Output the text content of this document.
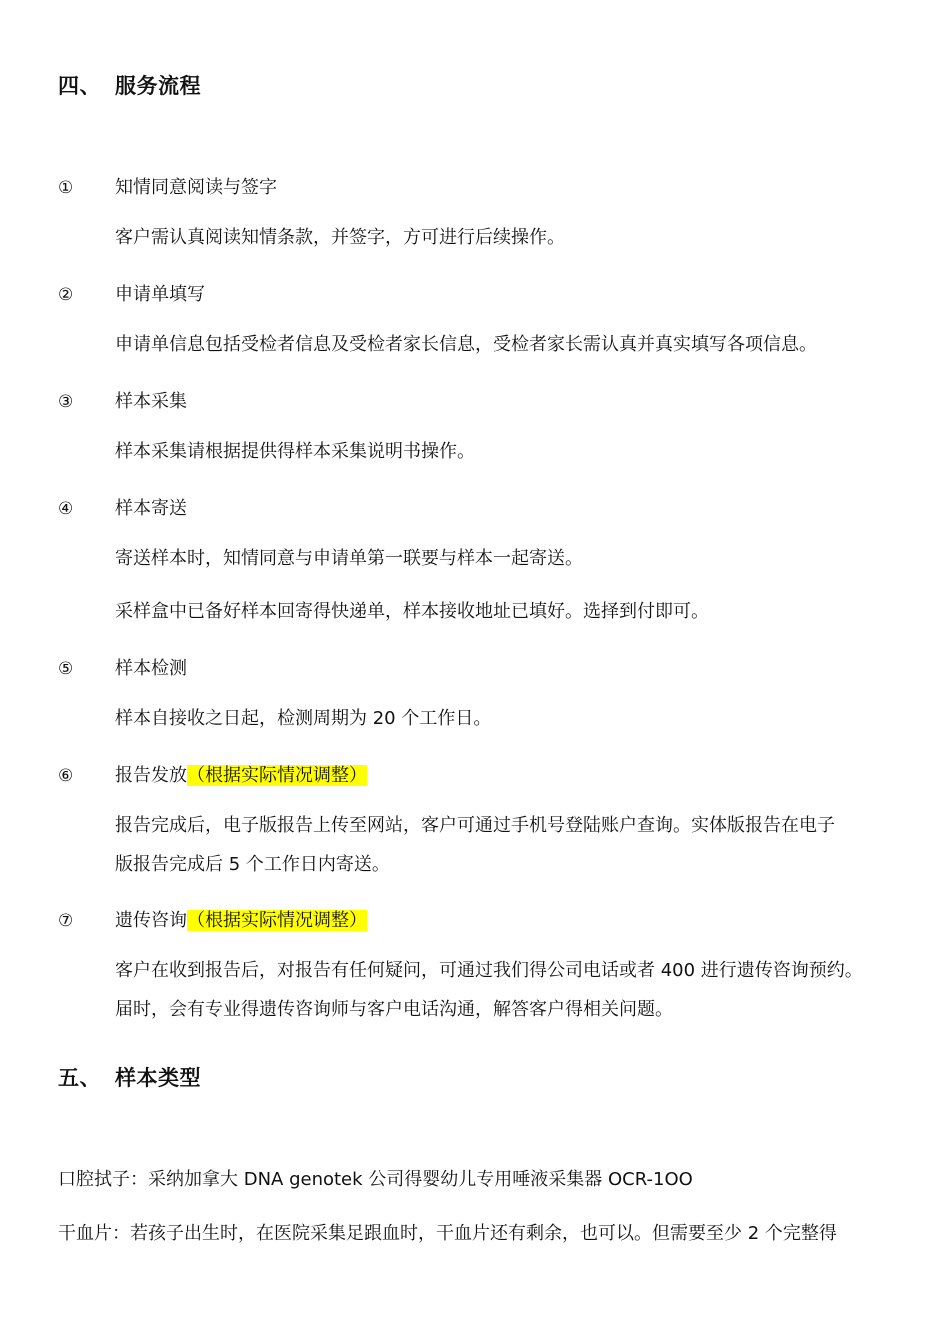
四、 服务流程
① 知情同意阅读与签字
客户需认真阅读知情条款，并签字，方可进行后续操作。
② 申请单填写
申请单信息包括受检者信息及受检者家长信息，受检者家长需认真并真实填写各项信息。
③ 样本采集
样本采集请根据提供得样本采集说明书操作。
④ 样本寄送
寄送样本时，知情同意与申请单第一联要与样本一起寄送。
采样盒中已备好样本回寄得快递单，样本接收地址已填好。选择到付即可。
⑤ 样本检测
样本自接收之日起，检测周期为 20 个工作日。
⑥ 报告发放（根据实际情况调整）
报告完成后，电子版报告上传至网站，客户可通过手机号登陆账户查询。实体版报告在电子
版报告完成后 5 个工作日内寄送。
⑦ 遗传咨询（根据实际情况调整）
客户在收到报告后，对报告有任何疑问，可通过我们得公司电话或者 400 进行遗传咨询预约。
届时，会有专业得遗传咨询师与客户电话沟通，解答客户得相关问题。
五、 样本类型
口腔拭子：采纳加拿大 DNA genotek 公司得婴幼儿专用唾液采集器 OCR-1OO
干血片：若孩子出生时，在医院采集足跟血时，干血片还有剩余，也可以。但需要至少 2 个完整得
